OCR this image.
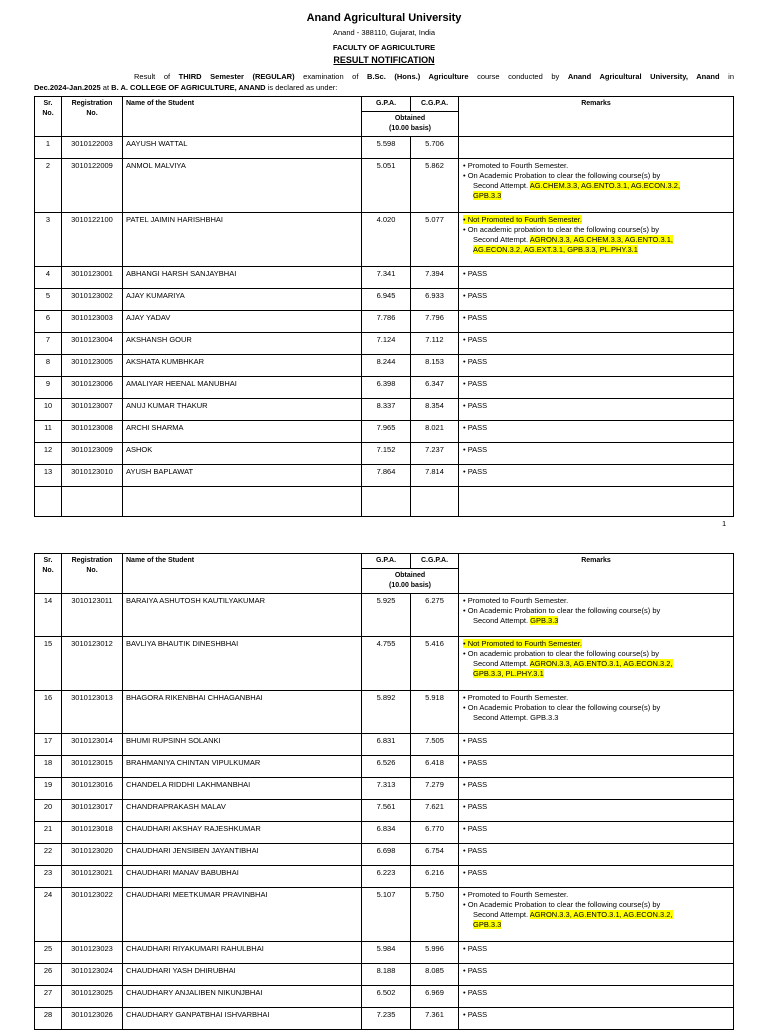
Anand Agricultural University
Anand - 388110, Gujarat, India
FACULTY OF AGRICULTURE
RESULT NOTIFICATION
Result of THIRD Semester (REGULAR) examination of B.Sc. (Hons.) Agriculture course conducted by Anand Agricultural University, Anand in
Dec.2024-Jan.2025 at B. A. COLLEGE OF AGRICULTURE, ANAND is declared as under:
Sr. No.	Registration No.	Name of the Student	G.P.A.	C.G.P.A.	Remarks

			Obtained
(10.00 basis)		

1	3010122003	AAYUSH WATTAL	5.598	5.706	

2	3010122009	ANMOL MALVIYA	5.051	5.862	• Promoted to Fourth Semester.
• On Academic Probation to clear the following course(s) by
Second Attempt. AG.CHEM.3.3, AG.ENTO.3.1, AG.ECON.3.2,
GPB.3.3

3	3010122100	PATEL JAIMIN HARISHBHAI	4.020	5.077	• Not Promoted to Fourth Semester.
• On academic probation to clear the following course(s) by
Second Attempt. AGRON.3.3, AG.CHEM.3.3, AG.ENTO.3.1,
AG.ECON.3.2, AG.EXT.3.1, GPB.3.3, PL.PHY.3.1

4	3010123001	ABHANGI HARSH SANJAYBHAI	7.341	7.394	• PASS

5	3010123002	AJAY KUMARIYA	6.945	6.933	• PASS

6	3010123003	AJAY YADAV	7.786	7.796	• PASS

7	3010123004	AKSHANSH GOUR	7.124	7.112	• PASS

8	3010123005	AKSHATA KUMBHKAR	8.244	8.153	• PASS

9	3010123006	AMALIYAR HEENAL MANUBHAI	6.398	6.347	• PASS

10	3010123007	ANUJ KUMAR THAKUR	8.337	8.354	• PASS

11	3010123008	ARCHI SHARMA	7.965	8.021	• PASS

12	3010123009	ASHOK	7.152	7.237	• PASS

13	3010123010	AYUSH BAPLAWAT	7.864	7.814	• PASS

1
Sr. No.	Registration No.	Name of the Student	G.P.A.	C.G.P.A.	Remarks

			Obtained
(10.00 basis)		

14	3010123011	BARAIYA ASHUTOSH KAUTILYAKUMAR	5.925	6.275	• Promoted to Fourth Semester.
• On Academic Probation to clear the following course(s) by
Second Attempt. GPB.3.3

15	3010123012	BAVLIYA BHAUTIK DINESHBHAI	4.755	5.416	• Not Promoted to Fourth Semester.
• On academic probation to clear the following course(s) by
Second Attempt. AGRON.3.3, AG.ENTO.3.1, AG.ECON.3.2,
GPB.3.3, PL.PHY.3.1

16	3010123013	BHAGORA RIKENBHAI CHHAGANBHAI	5.892	5.918	• Promoted to Fourth Semester.
• On Academic Probation to clear the following course(s) by
Second Attempt. GPB.3.3

17	3010123014	BHUMI RUPSINH SOLANKI	6.831	7.505	• PASS

18	3010123015	BRAHMANIYA CHINTAN VIPULKUMAR	6.526	6.418	• PASS

19	3010123016	CHANDELA RIDDHI LAKHMANBHAI	7.313	7.279	• PASS

20	3010123017	CHANDRAPRAKASH MALAV	7.561	7.621	• PASS

21	3010123018	CHAUDHARI AKSHAY RAJESHKUMAR	6.834	6.770	• PASS

22	3010123020	CHAUDHARI JENSIBEN JAYANTIBHAI	6.698	6.754	• PASS

23	3010123021	CHAUDHARI MANAV BABUBHAI	6.223	6.216	• PASS

24	3010123022	CHAUDHARI MEETKUMAR PRAVINBHAI	5.107	5.750	• Promoted to Fourth Semester.
• On Academic Probation to clear the following course(s) by
Second Attempt. AGRON.3.3, AG.ENTO.3.1, AG.ECON.3.2,
GPB.3.3

25	3010123023	CHAUDHARI RIYAKUMARI RAHULBHAI	5.984	5.996	• PASS

26	3010123024	CHAUDHARI YASH DHIRUBHAI	8.188	8.085	• PASS

27	3010123025	CHAUDHARY ANJALIBEN NIKUNJBHAI	6.502	6.969	• PASS

28	3010123026	CHAUDHARY GANPATBHAI ISHVARBHAI	7.235	7.361	• PASS
